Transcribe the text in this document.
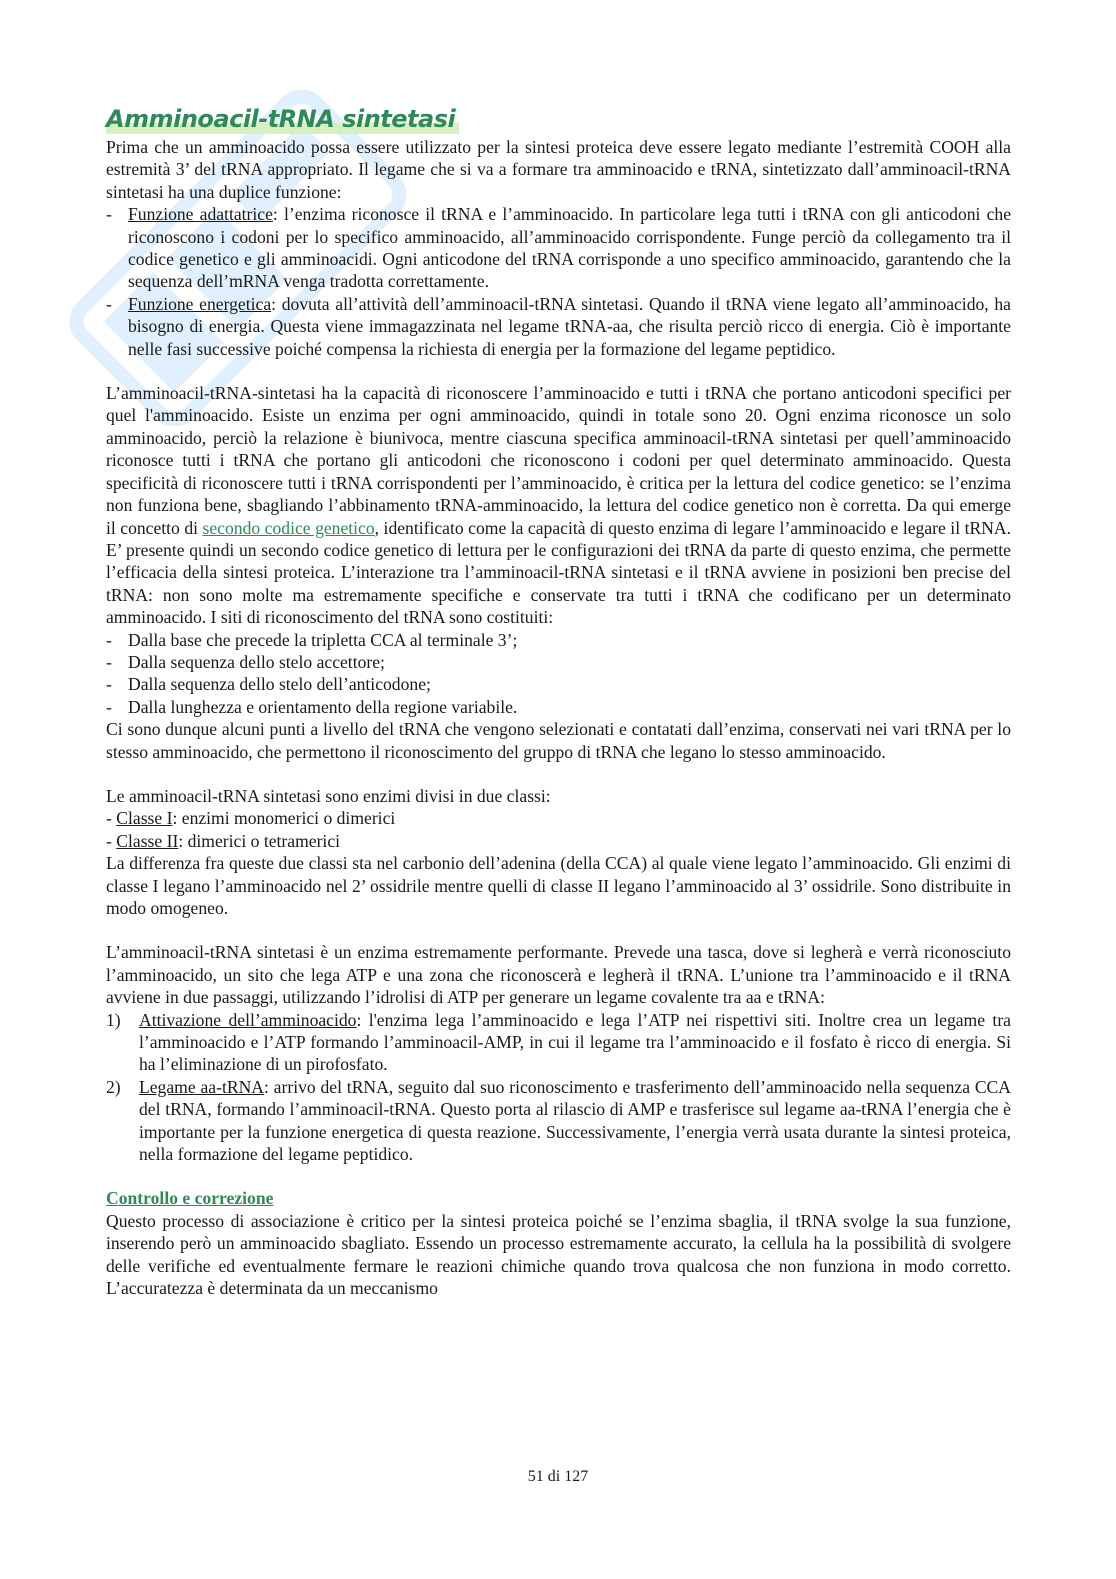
Amminoacil-tRNA sintetasi

Prima che un amminoacido possa essere utilizzato per la sintesi proteica deve essere legato mediante l’estremità COOH alla estremità 3’ del tRNA appropriato. Il legame che si va a formare tra amminoacido e tRNA, sintetizzato dall’amminoacil-tRNA sintetasi ha una duplice funzione:

- Funzione adattatrice: l’enzima riconosce il tRNA e l’amminoacido. In particolare lega tutti i tRNA con gli anticodoni che riconoscono i codoni per lo specifico amminoacido, all’amminoacido corrispondente. Funge perciò da collegamento tra il codice genetico e gli amminoacidi. Ogni anticodone del tRNA corrisponde a uno specifico amminoacido, garantendo che la sequenza dell’mRNA venga tradotta correttamente.
- Funzione energetica: dovuta all’attività dell’amminoacil-tRNA sintetasi. Quando il tRNA viene legato all’amminoacido, ha bisogno di energia. Questa viene immagazzinata nel legame tRNA-aa, che risulta perciò ricco di energia. Ciò è importante nelle fasi successive poiché compensa la richiesta di energia per la formazione del legame peptidico.

L’amminoacil-tRNA-sintetasi ha la capacità di riconoscere l’amminoacido e tutti i tRNA che portano anticodoni specifici per quel l'amminoacido. Esiste un enzima per ogni amminoacido, quindi in totale sono 20. Ogni enzima riconosce un solo amminoacido, perciò la relazione è biunivoca, mentre ciascuna specifica amminoacil-tRNA sintetasi per quell’amminoacido riconosce tutti i tRNA che portano gli anticodoni che riconoscono i codoni per quel determinato amminoacido. Questa specificità di riconoscere tutti i tRNA corrispondenti per l’amminoacido, è critica per la lettura del codice genetico: se l’enzima non funziona bene, sbagliando l’abbinamento tRNA-amminoacido, la lettura del codice genetico non è corretta. Da qui emerge il concetto di secondo codice genetico, identificato come la capacità di questo enzima di legare l’amminoacido e legare il tRNA. E’ presente quindi un secondo codice genetico di lettura per le configurazioni dei tRNA da parte di questo enzima, che permette l’efficacia della sintesi proteica. L’interazione tra l’amminoacil-tRNA sintetasi e il tRNA avviene in posizioni ben precise del tRNA: non sono molte ma estremamente specifiche e conservate tra tutti i tRNA che codificano per un determinato amminoacido. I siti di riconoscimento del tRNA sono costituiti:

- Dalla base che precede la tripletta CCA al terminale 3’;
- Dalla sequenza dello stelo accettore;
- Dalla sequenza dello stelo dell’anticodone;
- Dalla lunghezza e orientamento della regione variabile.

Ci sono dunque alcuni punti a livello del tRNA che vengono selezionati e contatati dall’enzima, conservati nei vari tRNA per lo stesso amminoacido, che permettono il riconoscimento del gruppo di tRNA che legano lo stesso amminoacido.

Le amminoacil-tRNA sintetasi sono enzimi divisi in due classi:

- Classe I: enzimi monomerici o dimerici

- Classe II: dimerici o tetramerici

La differenza fra queste due classi sta nel carbonio dell’adenina (della CCA) al quale viene legato l’amminoacido. Gli enzimi di classe I legano l’amminoacido nel 2’ ossidrile mentre quelli di classe II legano l’amminoacido al 3’ ossidrile. Sono distribuite in modo omogeneo.

L’amminoacil-tRNA sintetasi è un enzima estremamente performante. Prevede una tasca, dove si legherà e verrà riconosciuto l’amminoacido, un sito che lega ATP e una zona che riconoscerà e legherà il tRNA. L’unione tra l’amminoacido e il tRNA avviene in due passaggi, utilizzando l’idrolisi di ATP per generare un legame covalente tra aa e tRNA:

1) Attivazione dell’amminoacido: l'enzima lega l’amminoacido e lega l’ATP nei rispettivi siti. Inoltre crea un legame tra l’amminoacido e l’ATP formando l’amminoacil-AMP, in cui il legame tra l’amminoacido e il fosfato è ricco di energia. Si ha l’eliminazione di un pirofosfato.
2) Legame aa-tRNA: arrivo del tRNA, seguito dal suo riconoscimento e trasferimento dell’amminoacido nella sequenza CCA del tRNA, formando l’amminoacil-tRNA. Questo porta al rilascio di AMP e trasferisce sul legame aa-tRNA l’energia che è importante per la funzione energetica di questa reazione. Successivamente, l’energia verrà usata durante la sintesi proteica, nella formazione del legame peptidico.

Controllo e correzione

Questo processo di associazione è critico per la sintesi proteica poiché se l’enzima sbaglia, il tRNA svolge la sua funzione, inserendo però un amminoacido sbagliato. Essendo un processo estremamente accurato, la cellula ha la possibilità di svolgere delle verifiche ed eventualmente fermare le reazioni chimiche quando trova qualcosa che non funziona in modo corretto. L’accuratezza è determinata da un meccanismo

51 di 127
